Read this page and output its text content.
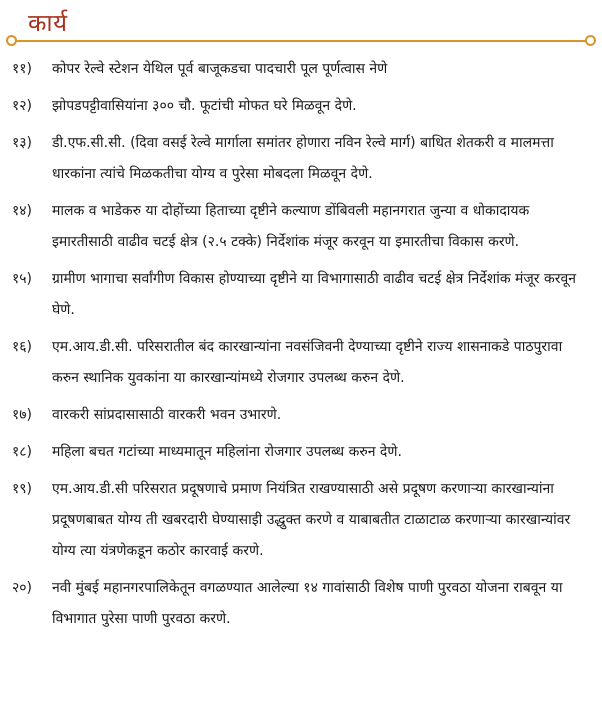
कार्य
११) कोपर रेल्वे स्टेशन येथिल पूर्व बाजूकडचा पादचारी पूल पूर्णत्वास नेणे
१२) झोपडपट्टीवासियांना ३०० चौ. फूटांची मोफत घरे मिळवून देणे.
१३) डी.एफ.सी.सी. (दिवा वसई रेल्वे मार्गाला समांतर होणारा नविन रेल्वे मार्ग) बाधित शेतकरी व मालमत्ता धारकांना त्यांचे मिळकतीचा योग्य व पुरेसा मोबदला मिळवून देणे.
१४) मालक व भाडेकरु या दोहोंच्या हिताच्या दृष्टीने कल्याण डोंबिवली महानगरात जुन्या व धोकादायक इमारतीसाठी वाढीव चटई क्षेत्र (२.५ टक्के) निर्देशांक मंजूर करवून या इमारतीचा विकास करणे.
१५) ग्रामीण भागाचा सर्वांगीण विकास होण्याच्या दृष्टीने या विभागासाठी वाढीव चटई क्षेत्र निर्देशांक मंजूर करवून घेणे.
१६) एम.आय.डी.सी. परिसरातील बंद कारखान्यांना नवसंजिवनी देण्याच्या दृष्टीने राज्य शासनाकडे पाठपुरावा करुन स्थानिक युवकांना या कारखान्यांमध्ये रोजगार उपलब्ध करुन देणे.
१७) वारकरी सांप्रदासासाठी वारकरी भवन उभारणे.
१८) महिला बचत गटांच्या माध्यमातून महिलांना रोजगार उपलब्ध करुन देणे.
१९) एम.आय.डी.सी परिसरात प्रदूषणाचे प्रमाण नियंत्रित राखण्यासाठी असे प्रदूषण करणाऱ्या कारखान्यांना प्रदूषणबाबत योग्य ती खबरदारी घेण्यासाइी उद्धुक्त करणे व याबाबतीत टाळाटाळ करणाऱ्या कारखान्यांवर योग्य त्या यंत्रणेकडून कठोर कारवाई करणे.
२०) नवी मुंबई महानगरपालिकेतून वगळण्यात आलेल्या १४ गावांसाठी विशेष पाणी पुरवठा योजना राबवून या विभागात पुरेसा पाणी पुरवठा करणे.
